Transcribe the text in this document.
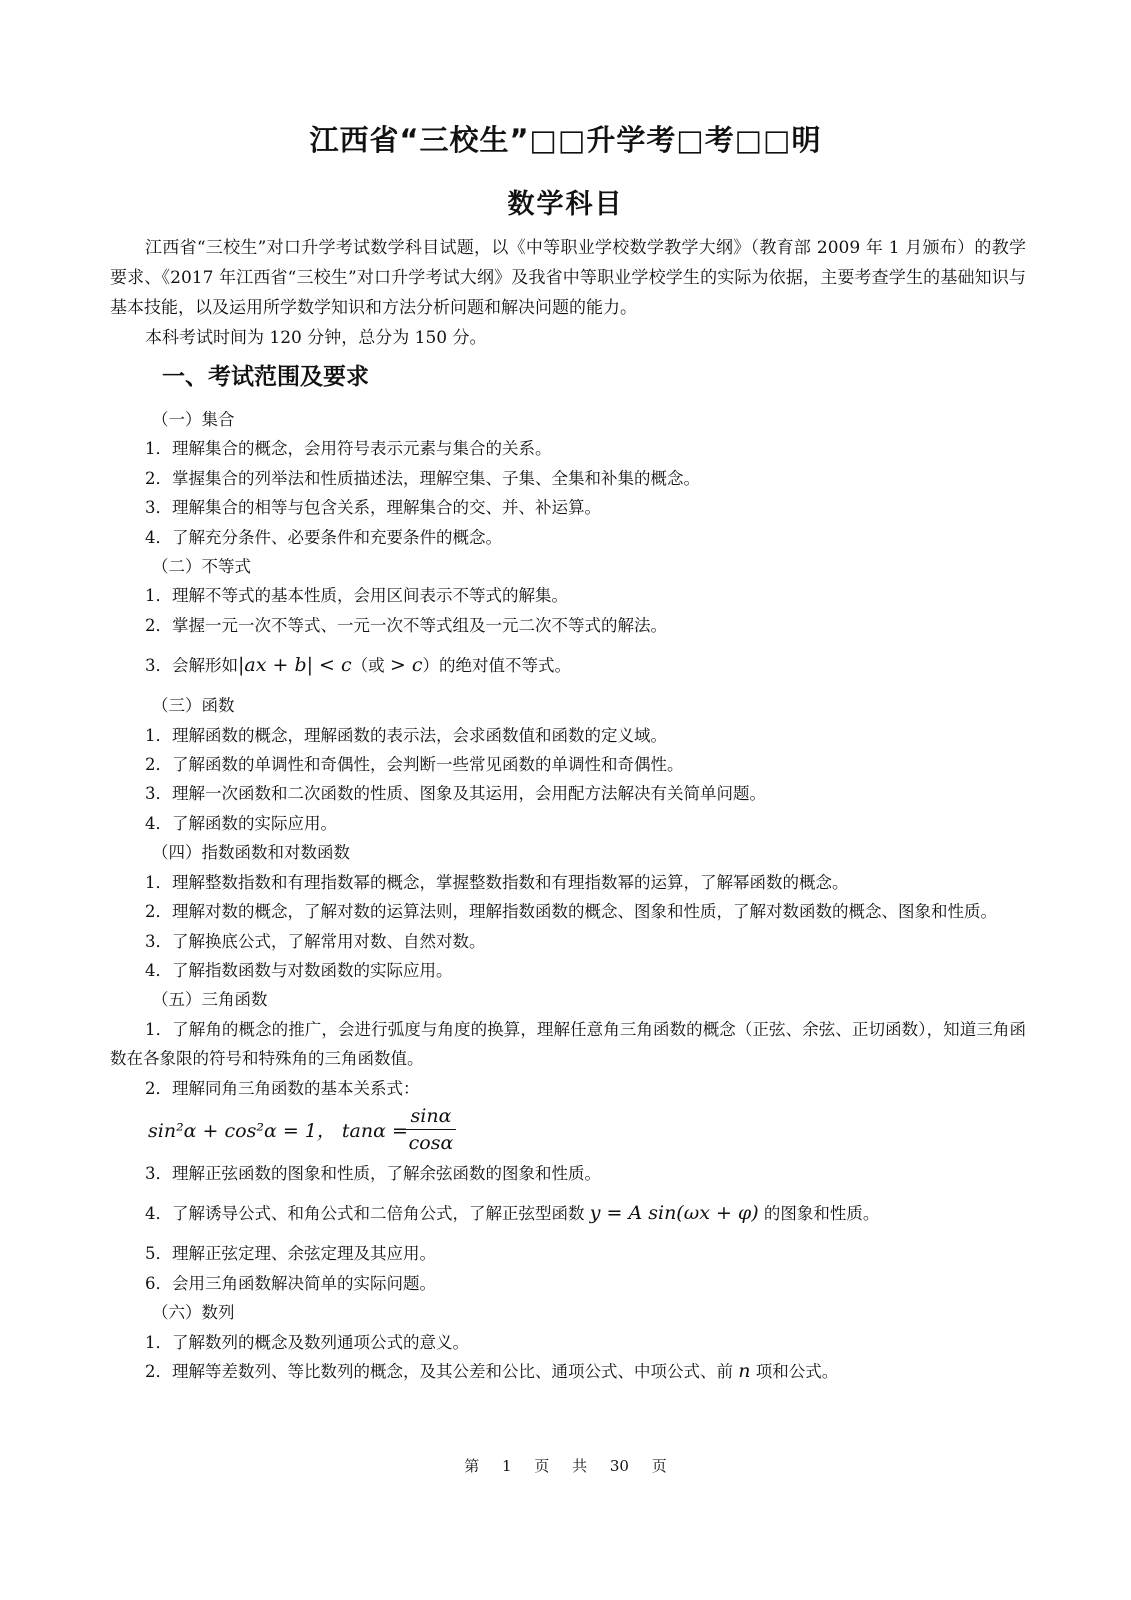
江西省“三校生”□□升学考□考□□明
数学科目

江西省“三校生”对口升学考试数学科目试题，以《中等职业学校数学教学大纲》（教育部 2009 年 1 月颁布）的教学要求、《2017 年江西省“三校生”对口升学考试大纲》及我省中等职业学校学生的实际为依据，主要考查学生的基础知识与基本技能，以及运用所学数学知识和方法分析问题和解决问题的能力。

本科考试时间为 120 分钟，总分为 150 分。

一、考试范围及要求

（一）集合

1．理解集合的概念，会用符号表示元素与集合的关系。

2．掌握集合的列举法和性质描述法，理解空集、子集、全集和补集的概念。

3．理解集合的相等与包含关系，理解集合的交、并、补运算。

4．了解充分条件、必要条件和充要条件的概念。

（二）不等式

1．理解不等式的基本性质，会用区间表示不等式的解集。

2．掌握一元一次不等式、一元一次不等式组及一元二次不等式的解法。

3．会解形如|ax + b| < c（或 > c）的绝对值不等式。

（三）函数

1．理解函数的概念，理解函数的表示法，会求函数值和函数的定义域。

2．了解函数的单调性和奇偶性，会判断一些常见函数的单调性和奇偶性。

3．理解一次函数和二次函数的性质、图象及其运用，会用配方法解决有关简单问题。

4．了解函数的实际应用。

（四）指数函数和对数函数

1．理解整数指数和有理指数幂的概念，掌握整数指数和有理指数幂的运算，了解幂函数的概念。

2．理解对数的概念，了解对数的运算法则，理解指数函数的概念、图象和性质，了解对数函数的概念、图象和性质。

3．了解换底公式，了解常用对数、自然对数。

4．了解指数函数与对数函数的实际应用。

（五）三角函数

1．了解角的概念的推广，会进行弧度与角度的换算，理解任意角三角函数的概念（正弦、余弦、正切函数），知道三角函数在各象限的符号和特殊角的三角函数值。

2．理解同角三角函数的基本关系式：

sin²α + cos²α = 1， tanα =
$\frac{\sin\alpha}{\cos\alpha}$

3．理解正弦函数的图象和性质，了解余弦函数的图象和性质。

4．了解诱导公式、和角公式和二倍角公式，了解正弦型函数 y = A sin(ωx + φ) 的图象和性质。

5．理解正弦定理、余弦定理及其应用。

6．会用三角函数解决简单的实际问题。

（六）数列

1．了解数列的概念及数列通项公式的意义。

2．理解等差数列、等比数列的概念，及其公差和公比、通项公式、中项公式、前 n 项和公式。

第 1 页 共 30 页
